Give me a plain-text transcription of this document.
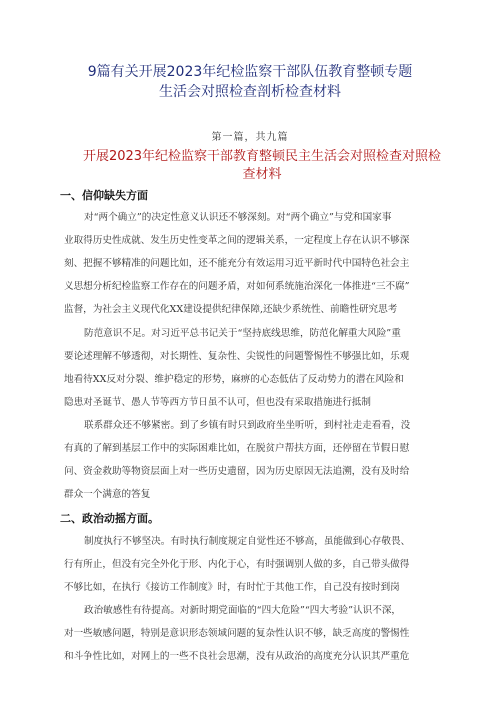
9篇有关开展2023年纪检监察干部队伍教育整顿专题
生活会对照检查剖析检查材料
第一篇，共九篇
开展2023年纪检监察干部教育整顿民主生活会对照检查对照检
查材料
一、信仰缺失方面
对“两个确立”的决定性意义认识还不够深刻。对“两个确立”与党和国家事
业取得历史性成就、发生历史性变革之间的逻辑关系，一定程度上存在认识不够深
刻、把握不够精准的问题比如，还不能充分有效运用习近平新时代中国特色社会主
义思想分析纪检监察工作存在的问题矛盾，对如何系统施治深化一体推进“三不腐”
监督，为社会主义现代化XX建设提供纪律保障,还缺少系统性、前瞻性研究思考
防范意识不足。对习近平总书记关于“坚持底线思维，防范化解重大风险”重
要论述理解不够透彻，对长期性、复杂性、尖锐性的问题警惕性不够强比如，乐观
地看待XX反对分裂、维护稳定的形势，麻痹的心态低估了反动势力的潜在风险和
隐患对圣诞节、愚人节等西方节日虽不认可，但也没有采取措施进行抵制
联系群众还不够紧密。到了乡镇有时只到政府坐坐听听，到村社走走看看，没
有真的了解到基层工作中的实际困难比如，在脱贫户帮扶方面，还停留在节假日慰
问、资金救助等物资层面上对一些历史遗留，因为历史原因无法追溯，没有及时给
群众一个满意的答复
二、政治动摇方面。
制度执行不够坚决。有时执行制度规定自觉性还不够高，虽能做到心存敬畏、
行有所止，但没有完全外化于形、内化于心，有时强调别人做的多，自己带头做得
不够比如，在执行《接访工作制度》时，有时忙于其他工作，自己没有按时到岗
政治敏感性有待提高。对新时期党面临的“四大危险”“四大考验”认识不深，
对一些敏感问题，特别是意识形态领域问题的复杂性认识不够，缺乏高度的警惕性
和斗争性比如，对网上的一些不良社会思潮，没有从政治的高度充分认识其严重危
